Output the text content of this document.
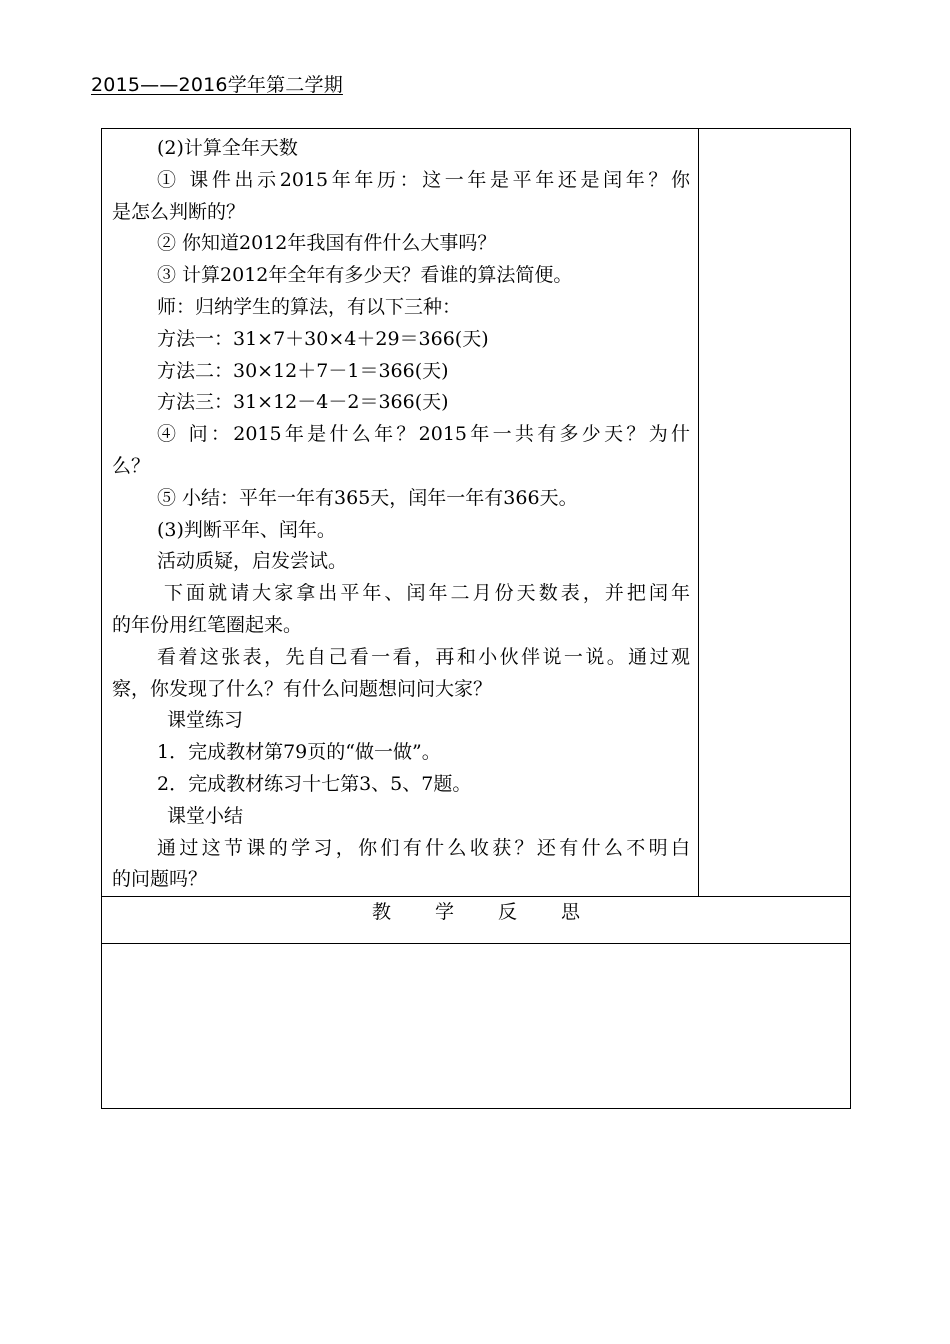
2015——2016学年第二学期
(2)计算全年天数
① 课件出示2015年年历：这一年是平年还是闰年？你
是怎么判断的？
② 你知道2012年我国有件什么大事吗？
③ 计算2012年全年有多少天？看谁的算法简便。
师：归纳学生的算法，有以下三种：
方法一：31×7＋30×4＋29＝366(天)
方法二：30×12＋7－1＝366(天)
方法三：31×12－4－2＝366(天)
④ 问：2015年是什么年？2015年一共有多少天？为什
么？
⑤ 小结：平年一年有365天，闰年一年有366天。
(3)判断平年、闰年。
活动质疑，启发尝试。
下面就请大家拿出平年、闰年二月份天数表，并把闰年
的年份用红笔圈起来。
看着这张表，先自己看一看，再和小伙伴说一说。通过观
察，你发现了什么？有什么问题想问问大家？
课堂练习
1．完成教材第79页的“做一做”。
2．完成教材练习十七第3、5、7题。
课堂小结
通过这节课的学习，你们有什么收获？还有什么不明白
的问题吗？

教学反思
